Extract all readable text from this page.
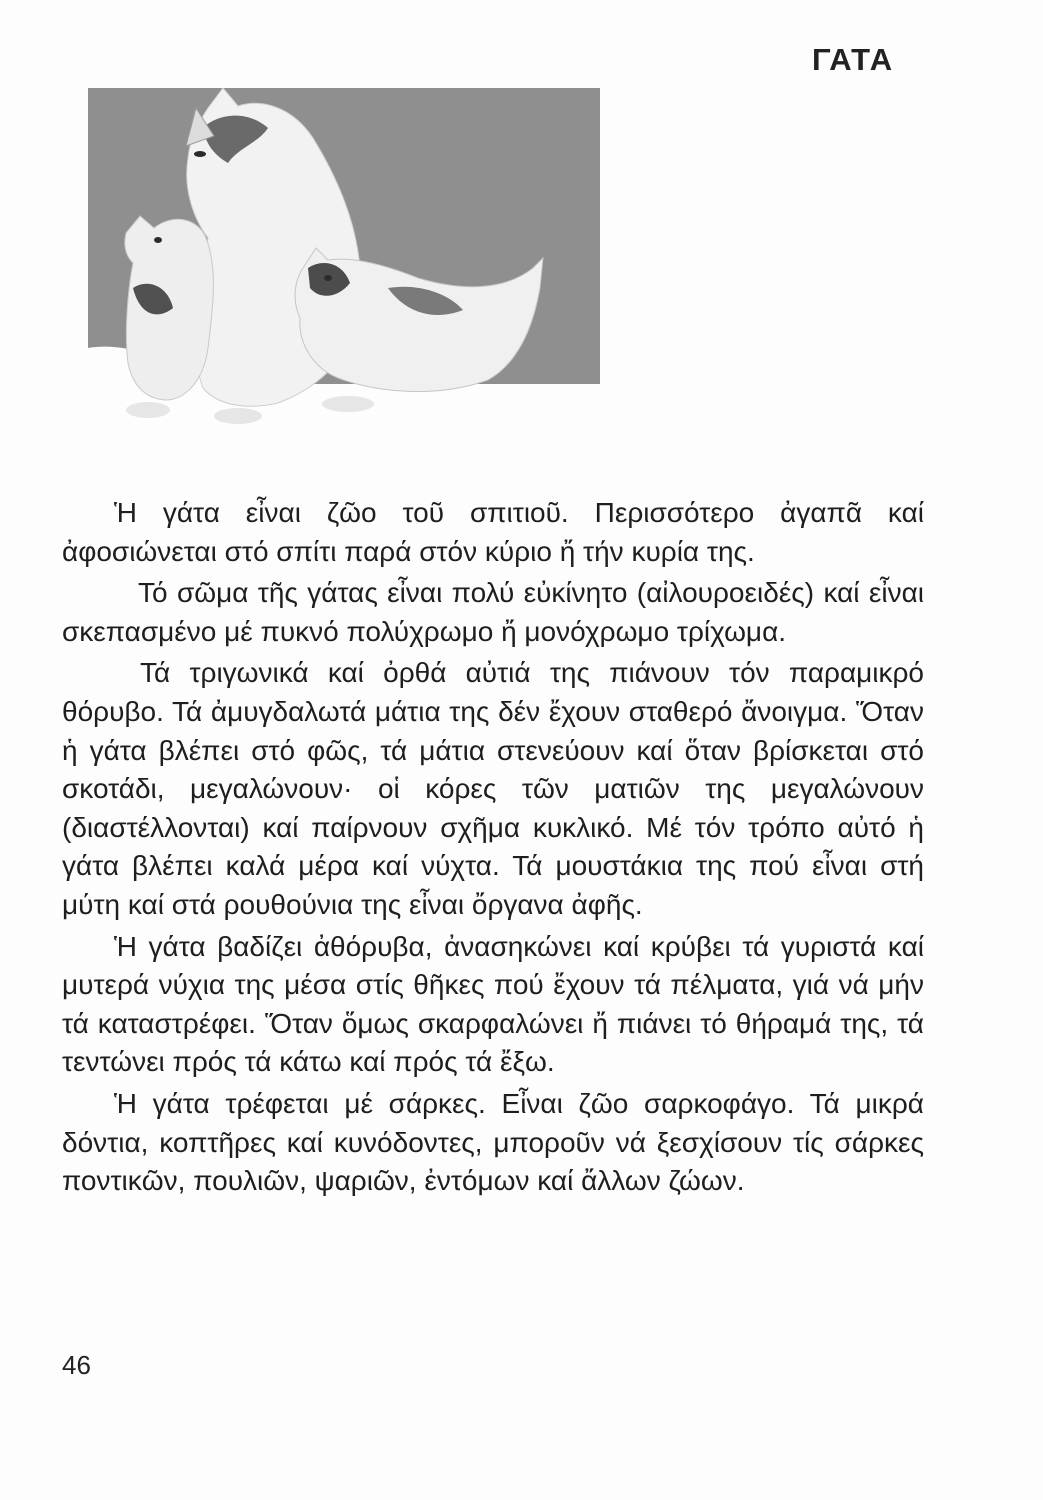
ΓΑΤΑ

Ἡ γάτα εἶναι ζῶο τοῦ σπιτιοῦ. Περισσότερο ἀγαπᾶ καί ἀφοσιώνεται στό σπίτι παρά στόν κύριο ἤ τήν κυρία της.

Τό σῶμα τῆς γάτας εἶναι πολύ εὐκίνητο (αἰλουροειδές) καί εἶναι σκεπασμένο μέ πυκνό πολύχρωμο ἤ μονόχρωμο τρίχωμα.

Τά τριγωνικά καί ὀρθά αὐτιά της πιάνουν τόν παραμικρό θόρυβο. Τά ἀμυγδαλωτά μάτια της δέν ἔχουν σταθερό ἄνοιγμα. Ὅταν ἡ γάτα βλέπει στό φῶς, τά μάτια στενεύουν καί ὅταν βρίσκεται στό σκοτάδι, μεγαλώνουν· οἱ κόρες τῶν ματιῶν της μεγαλώνουν (διαστέλλονται) καί παίρνουν σχῆμα κυκλικό. Μέ τόν τρόπο αὐτό ἡ γάτα βλέπει καλά μέρα καί νύχτα. Τά μουστάκια της πού εἶναι στή μύτη καί στά ρουθούνια της εἶναι ὄργανα ἀφῆς.

Ἡ γάτα βαδίζει ἀθόρυβα, ἀνασηκώνει καί κρύβει τά γυριστά καί μυτερά νύχια της μέσα στίς θῆκες πού ἔχουν τά πέλματα, γιά νά μήν τά καταστρέφει. Ὅταν ὅμως σκαρφαλώνει ἤ πιάνει τό θήραμά της, τά τεντώνει πρός τά κάτω καί πρός τά ἔξω.

Ἡ γάτα τρέφεται μέ σάρκες. Εἶναι ζῶο σαρκοφάγο. Τά μικρά δόντια, κοπτῆρες καί κυνόδοντες, μποροῦν νά ξεσχίσουν τίς σάρκες ποντικῶν, πουλιῶν, ψαριῶν, ἐντόμων καί ἄλλων ζώων.

46
